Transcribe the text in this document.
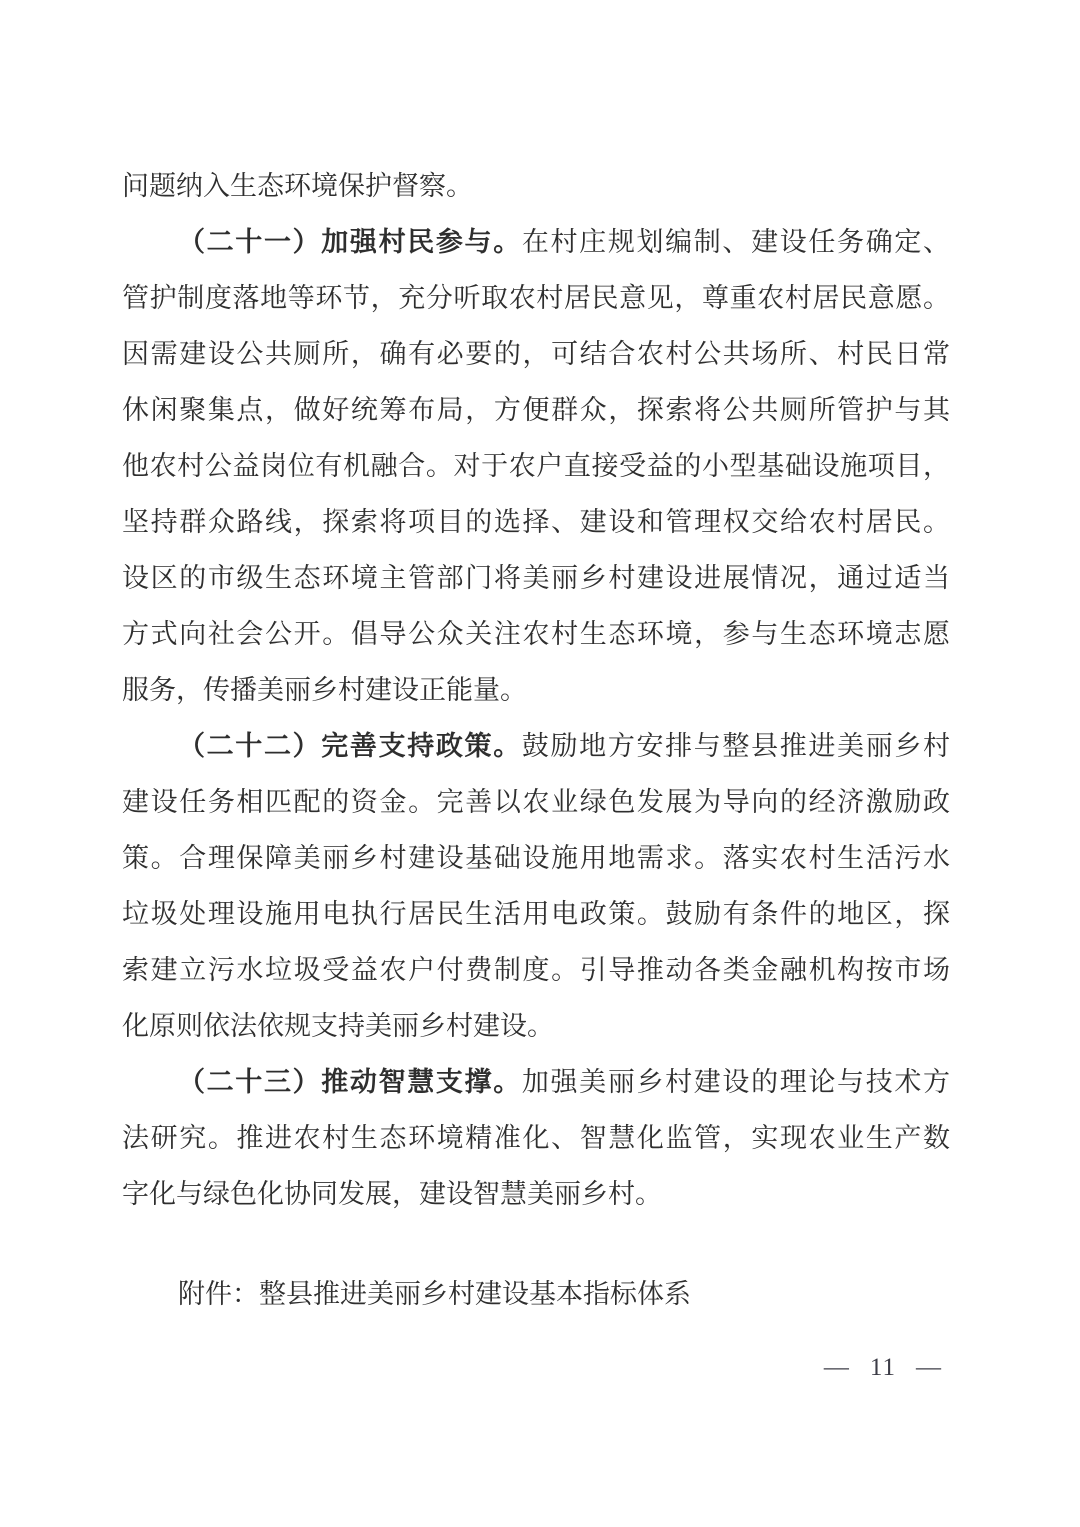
问题纳入生态环境保护督察。
（二十一）加强村民参与。在村庄规划编制、建设任务确定、
管护制度落地等环节，充分听取农村居民意见，尊重农村居民意愿。
因需建设公共厕所，确有必要的，可结合农村公共场所、村民日常
休闲聚集点，做好统筹布局，方便群众，探索将公共厕所管护与其
他农村公益岗位有机融合。对于农户直接受益的小型基础设施项目，
坚持群众路线，探索将项目的选择、建设和管理权交给农村居民。
设区的市级生态环境主管部门将美丽乡村建设进展情况，通过适当
方式向社会公开。倡导公众关注农村生态环境，参与生态环境志愿
服务，传播美丽乡村建设正能量。
（二十二）完善支持政策。鼓励地方安排与整县推进美丽乡村
建设任务相匹配的资金。完善以农业绿色发展为导向的经济激励政
策。合理保障美丽乡村建设基础设施用地需求。落实农村生活污水
垃圾处理设施用电执行居民生活用电政策。鼓励有条件的地区，探
索建立污水垃圾受益农户付费制度。引导推动各类金融机构按市场
化原则依法依规支持美丽乡村建设。
（二十三）推动智慧支撑。加强美丽乡村建设的理论与技术方
法研究。推进农村生态环境精准化、智慧化监管，实现农业生产数
字化与绿色化协同发展，建设智慧美丽乡村。
附件：整县推进美丽乡村建设基本指标体系
— 11 —
